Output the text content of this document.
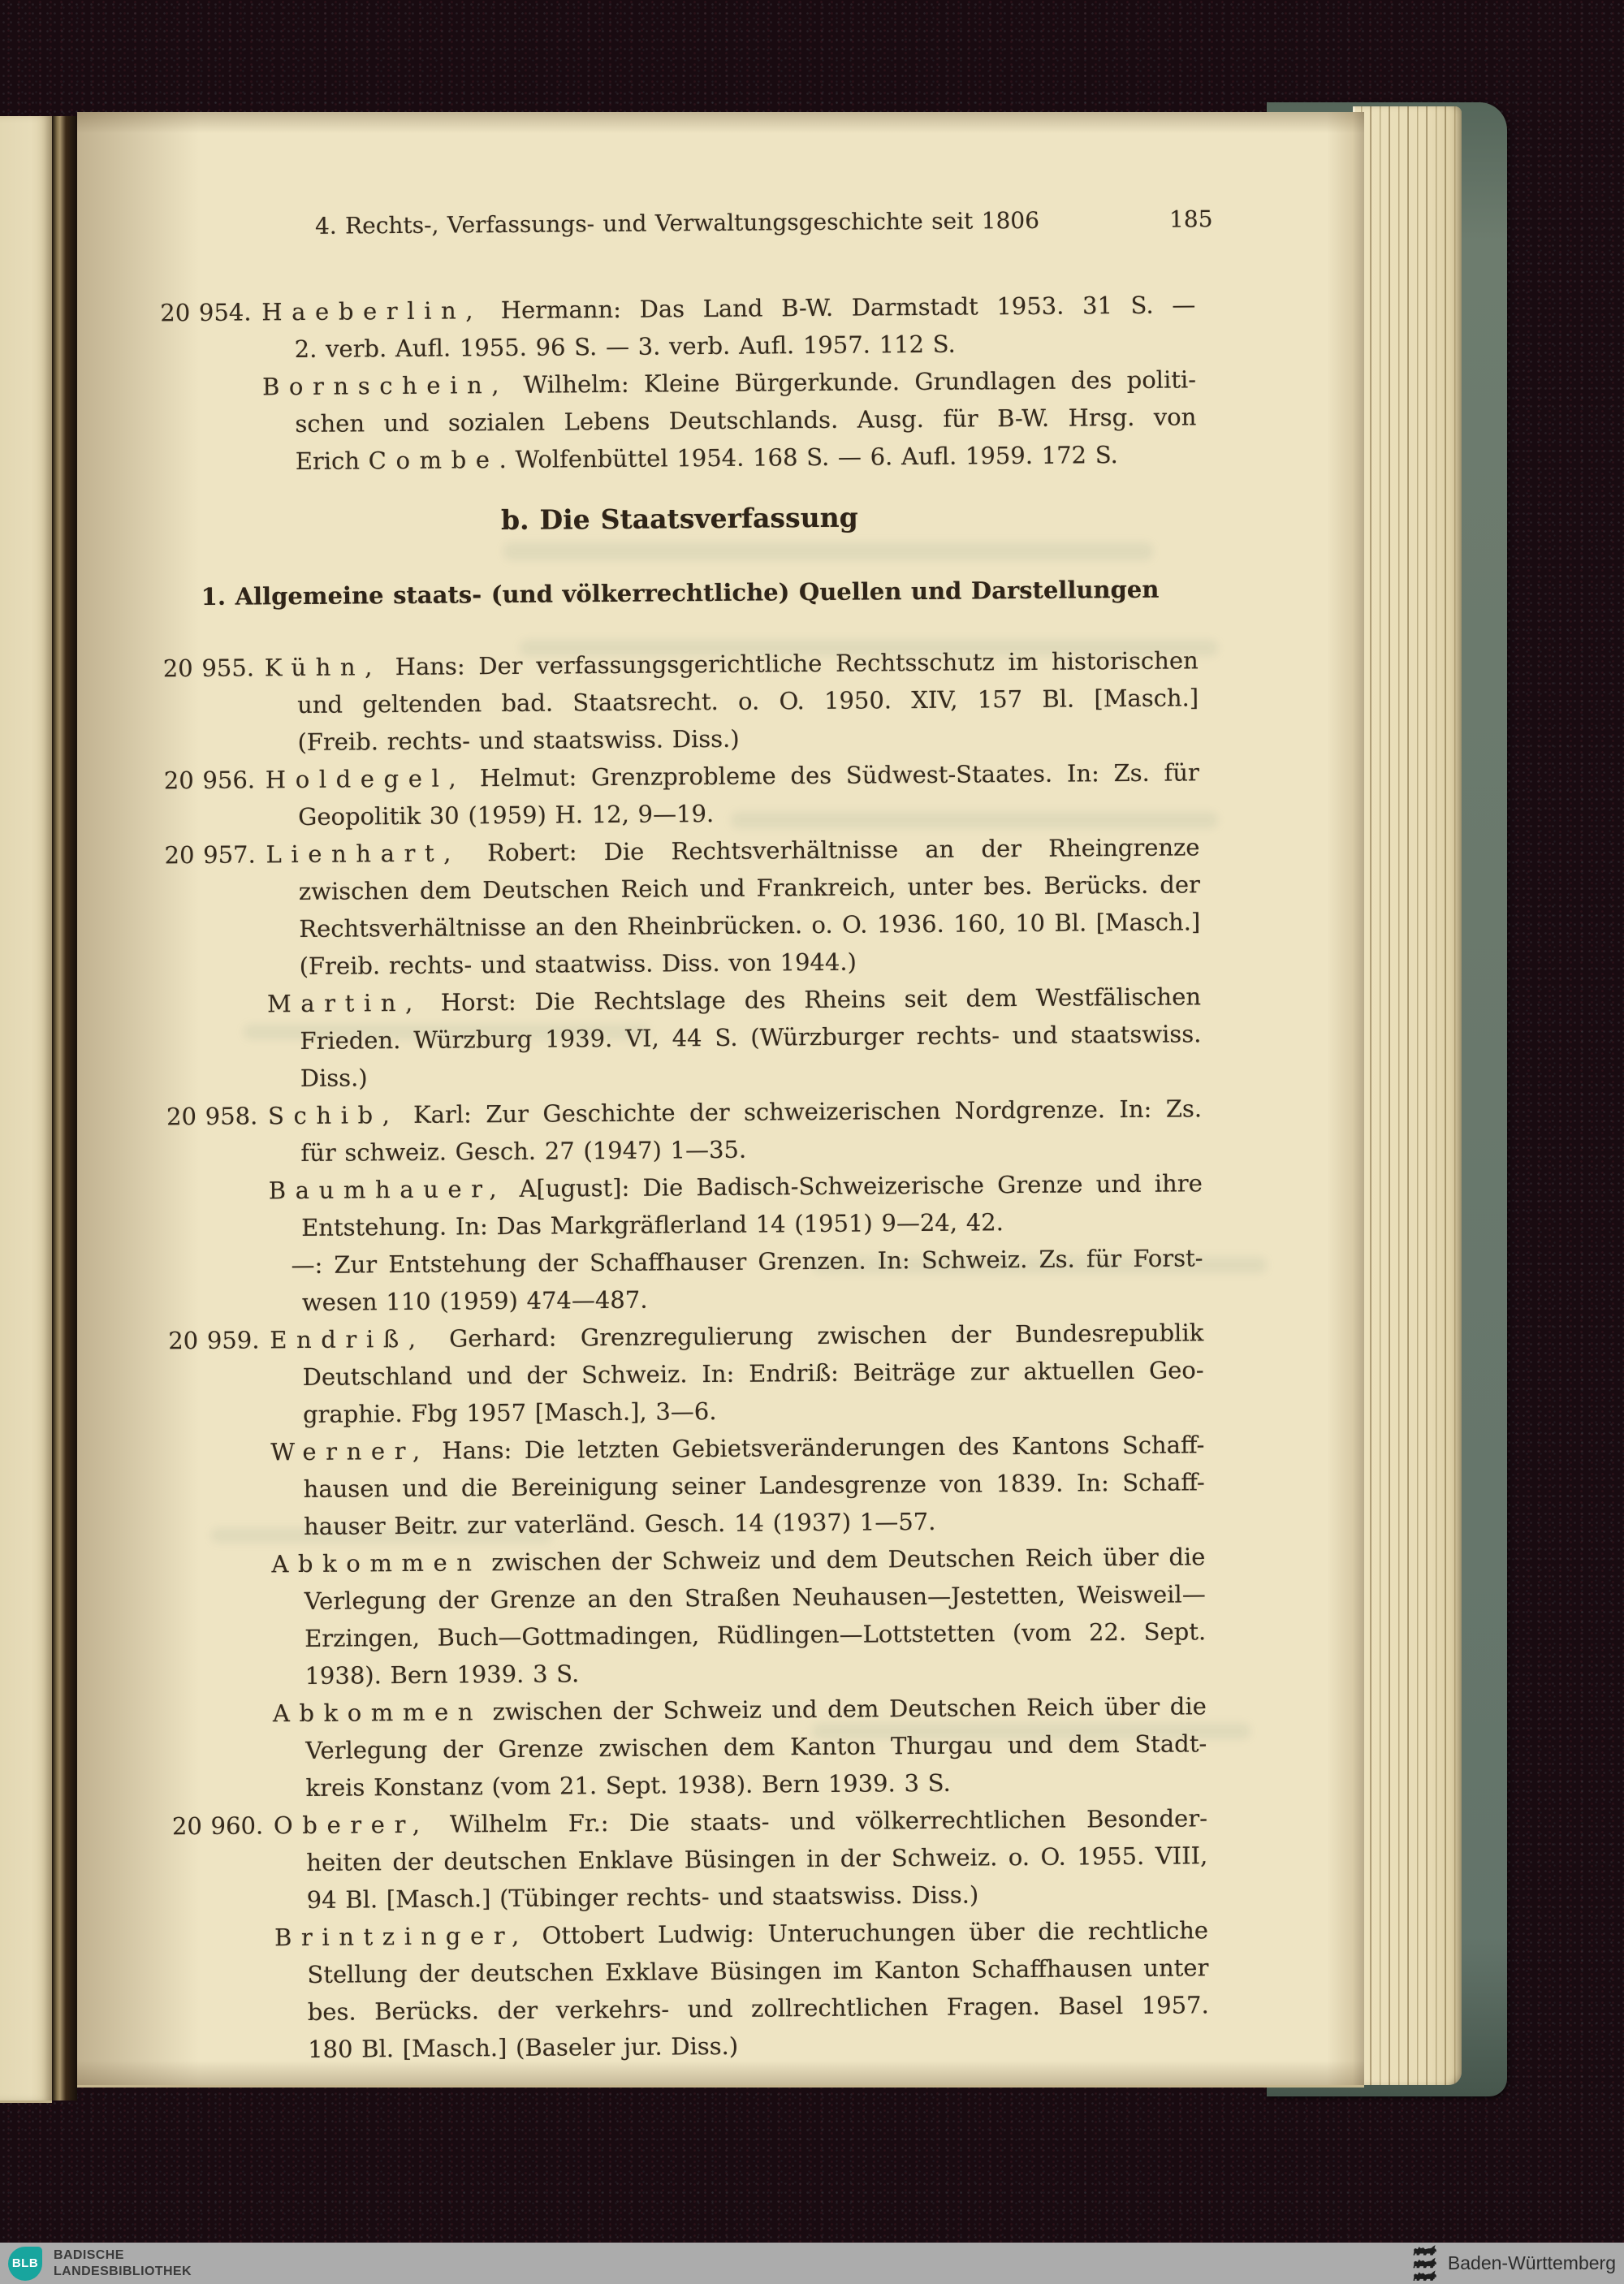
4. Rechts-, Verfassungs- und Verwaltungsgeschichte seit 1806	185
20 954. Haeberlin, Hermann: Das Land B-W. Darmstadt 1953. 31 S. —
2. verb. Aufl. 1955. 96 S. — 3. verb. Aufl. 1957. 112 S.
Bornschein, Wilhelm: Kleine Bürgerkunde. Grundlagen des politi-
schen und sozialen Lebens Deutschlands. Ausg. für B-W. Hrsg. von
Erich Combe. Wolfenbüttel 1954. 168 S. — 6. Aufl. 1959. 172 S.
b. Die Staatsverfassung
1. Allgemeine staats- (und völkerrechtliche) Quellen und Darstellungen
20 955. Kühn, Hans: Der verfassungsgerichtliche Rechtsschutz im historischen
und geltenden bad. Staatsrecht. o. O. 1950. XIV, 157 Bl. [Masch.]
(Freib. rechts- und staatswiss. Diss.)
20 956. Holdegel, Helmut: Grenzprobleme des Südwest-Staates. In: Zs. für
Geopolitik 30 (1959) H. 12, 9—19.
20 957. Lienhart, Robert: Die Rechtsverhältnisse an der Rheingrenze
zwischen dem Deutschen Reich und Frankreich, unter bes. Berücks. der
Rechtsverhältnisse an den Rheinbrücken. o. O. 1936. 160, 10 Bl. [Masch.]
(Freib. rechts- und staatwiss. Diss. von 1944.)
Martin, Horst: Die Rechtslage des Rheins seit dem Westfälischen
Frieden. Würzburg 1939. VI, 44 S. (Würzburger rechts- und staatswiss.
Diss.)
20 958. Schib, Karl: Zur Geschichte der schweizerischen Nordgrenze. In: Zs.
für schweiz. Gesch. 27 (1947) 1—35.
Baumhauer, A[ugust]: Die Badisch-Schweizerische Grenze und ihre
Entstehung. In: Das Markgräflerland 14 (1951) 9—24, 42.
—: Zur Entstehung der Schaffhauser Grenzen. In: Schweiz. Zs. für Forst-
wesen 110 (1959) 474—487.
20 959. Endriß, Gerhard: Grenzregulierung zwischen der Bundesrepublik
Deutschland und der Schweiz. In: Endriß: Beiträge zur aktuellen Geo-
graphie. Fbg 1957 [Masch.], 3—6.
Werner, Hans: Die letzten Gebietsveränderungen des Kantons Schaff-
hausen und die Bereinigung seiner Landesgrenze von 1839. In: Schaff-
hauser Beitr. zur vaterländ. Gesch. 14 (1937) 1—57.
Abkommen zwischen der Schweiz und dem Deutschen Reich über die
Verlegung der Grenze an den Straßen Neuhausen—Jestetten, Weisweil—
Erzingen, Buch—Gottmadingen, Rüdlingen—Lottstetten (vom 22. Sept.
1938). Bern 1939. 3 S.
Abkommen zwischen der Schweiz und dem Deutschen Reich über die
Verlegung der Grenze zwischen dem Kanton Thurgau und dem Stadt-
kreis Konstanz (vom 21. Sept. 1938). Bern 1939. 3 S.
20 960. Oberer, Wilhelm Fr.: Die staats- und völkerrechtlichen Besonder-
heiten der deutschen Enklave Büsingen in der Schweiz. o. O. 1955. VIII,
94 Bl. [Masch.] (Tübinger rechts- und staatswiss. Diss.)
Brintzinger, Ottobert Ludwig: Unteruchungen über die rechtliche
Stellung der deutschen Exklave Büsingen im Kanton Schaffhausen unter
bes. Berücks. der verkehrs- und zollrechtlichen Fragen. Basel 1957.
180 Bl. [Masch.] (Baseler jur. Diss.)
BLB
BADISCHE
LANDESBIBLIOTHEK	Baden-Württemberg
